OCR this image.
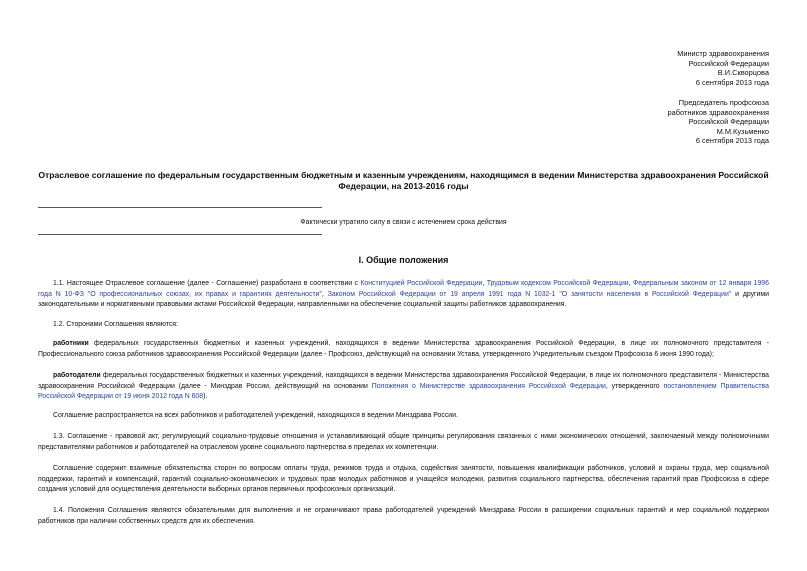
Министр здравоохранения
Российской Федерации
В.И.Скворцова
6 сентября 2013 года
Председатель профсоюза
работников здравоохранения
Российской Федерации
М.М.Кузьменко
6 сентября 2013 года
Отраслевое соглашение по федеральным государственным бюджетным и казенным учреждениям, находящимся в ведении Министерства здравоохранения Российской Федерации, на 2013-2016 годы
Фактически утратило силу в связи с истечением срока действия
I. Общие положения
1.1. Настоящее Отраслевое соглашение (далее - Соглашение) разработано в соответствии с Конституцией Российской Федерации, Трудовым кодексом Российской Федерации, Федеральным законом от 12 января 1996 года N 10-ФЗ "О профессиональных союзах, их правах и гарантиях деятельности", Законом Российской Федерации от 19 апреля 1991 года N 1032-1 "О занятости населения в Российской Федерации" и другими законодательными и нормативными правовыми актами Российской Федерации, направленными на обеспечение социальной защиты работников здравоохранения.
1.2. Сторонами Соглашения являются:
работники федеральных государственных бюджетных и казенных учреждений, находящихся в ведении Министерства здравоохранения Российской Федерации, в лице их полномочного представителя - Профессионального союза работников здравоохранения Российской Федерации (далее - Профсоюз, действующий на основании Устава, утвержденного Учредительным съездом Профсоюза 6 июня 1990 года);
работодатели федеральных государственных бюджетных и казенных учреждений, находящихся в ведении Министерства здравоохранения Российской Федерации, в лице их полномочного представителя - Министерства здравоохранения Российской Федерации (далее - Минздрав России, действующий на основании Положения о Министерстве здравоохранения Российской Федерации, утвержденного постановлением Правительства Российской Федерации от 19 июня 2012 года N 608).
Соглашение распространяется на всех работников и работодателей учреждений, находящихся в ведении Минздрава России.
1.3. Соглашение - правовой акт, регулирующий социально-трудовые отношения и устанавливающий общие принципы регулирования связанных с ними экономических отношений, заключаемый между полномочными представителями работников и работодателей на отраслевом уровне социального партнерства в пределах их компетенции.
Соглашение содержит взаимные обязательства сторон по вопросам оплаты труда, режимов труда и отдыха, содействия занятости, повышения квалификации работников, условий и охраны труда, мер социальной поддержки, гарантий и компенсаций, гарантий социально-экономических и трудовых прав молодых работников и учащейся молодежи, развития социального партнерства, обеспечения гарантий прав Профсоюза в сфере создания условий для осуществления деятельности выборных органов первичных профсоюзных организаций.
1.4. Положения Соглашения являются обязательными для выполнения и не ограничивают права работодателей учреждений Минздрава России в расширении социальных гарантий и мер социальной поддержки работников при наличии собственных средств для их обеспечения.
